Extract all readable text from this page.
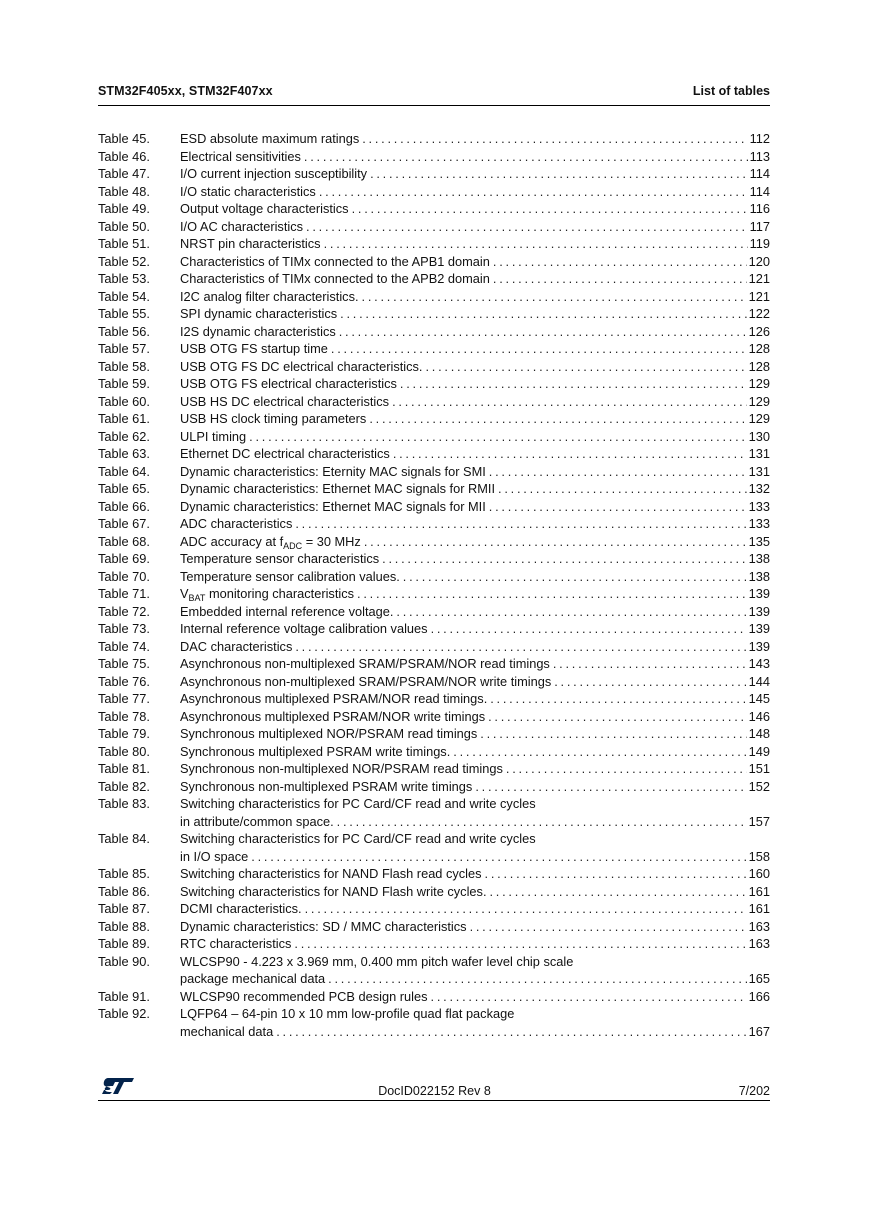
STM32F405xx, STM32F407xx	List of tables
Table 45. ESD absolute maximum ratings . . .	112
Table 46. Electrical sensitivities . . .	113
Table 47. I/O current injection susceptibility . . .	114
Table 48. I/O static characteristics . . .	114
Table 49. Output voltage characteristics . . .	116
Table 50. I/O AC characteristics . . .	117
Table 51. NRST pin characteristics . . .	119
Table 52. Characteristics of TIMx connected to the APB1 domain . . .	120
Table 53. Characteristics of TIMx connected to the APB2 domain . . .	121
Table 54. I2C analog filter characteristics. . . .	121
Table 55. SPI dynamic characteristics . . .	122
Table 56. I2S dynamic characteristics . . .	126
Table 57. USB OTG FS startup time . . .	128
Table 58. USB OTG FS DC electrical characteristics. . . .	128
Table 59. USB OTG FS electrical characteristics . . .	129
Table 60. USB HS DC electrical characteristics . . .	129
Table 61. USB HS clock timing parameters . . .	129
Table 62. ULPI timing . . .	130
Table 63. Ethernet DC electrical characteristics . . .	131
Table 64. Dynamic characteristics: Eternity MAC signals for SMI . . .	131
Table 65. Dynamic characteristics: Ethernet MAC signals for RMII . . .	132
Table 66. Dynamic characteristics: Ethernet MAC signals for MII . . .	133
Table 67. ADC characteristics . . .	133
Table 68. ADC accuracy at $f_{ADC} = 30$ MHz . . .	135
Table 69. Temperature sensor characteristics . . .	138
Table 70. Temperature sensor calibration values. . . .	138
Table 71. $V_{BAT}$ monitoring characteristics . . .	139
Table 72. Embedded internal reference voltage. . . .	139
Table 73. Internal reference voltage calibration values . . .	139
Table 74. DAC characteristics . . .	139
Table 75. Asynchronous non-multiplexed SRAM/PSRAM/NOR read timings . . .	143
Table 76. Asynchronous non-multiplexed SRAM/PSRAM/NOR write timings . . .	144
Table 77. Asynchronous multiplexed PSRAM/NOR read timings. . . .	145
Table 78. Asynchronous multiplexed PSRAM/NOR write timings . . .	146
Table 79. Synchronous multiplexed NOR/PSRAM read timings . . .	148
Table 80. Synchronous multiplexed PSRAM write timings. . . .	149
Table 81. Synchronous non-multiplexed NOR/PSRAM read timings . . .	151
Table 82. Synchronous non-multiplexed PSRAM write timings . . .	152
Table 83. Switching characteristics for PC Card/CF read and write cycles
in attribute/common space. . . .	157
Table 84. Switching characteristics for PC Card/CF read and write cycles
in I/O space . . .	158
Table 85. Switching characteristics for NAND Flash read cycles . . .	160
Table 86. Switching characteristics for NAND Flash write cycles. . . .	161
Table 87. DCMI characteristics. . . .	161
Table 88. Dynamic characteristics: SD / MMC characteristics . . .	163
Table 89. RTC characteristics . . .	163
Table 90. WLCSP90 - 4.223 x 3.969 mm, 0.400 mm pitch wafer level chip scale
package mechanical data . . .	165
Table 91. WLCSP90 recommended PCB design rules . . .	166
Table 92. LQFP64 – 64-pin 10 x 10 mm low-profile quad flat package
mechanical data . . .	167
DocID022152 Rev 8	7/202
